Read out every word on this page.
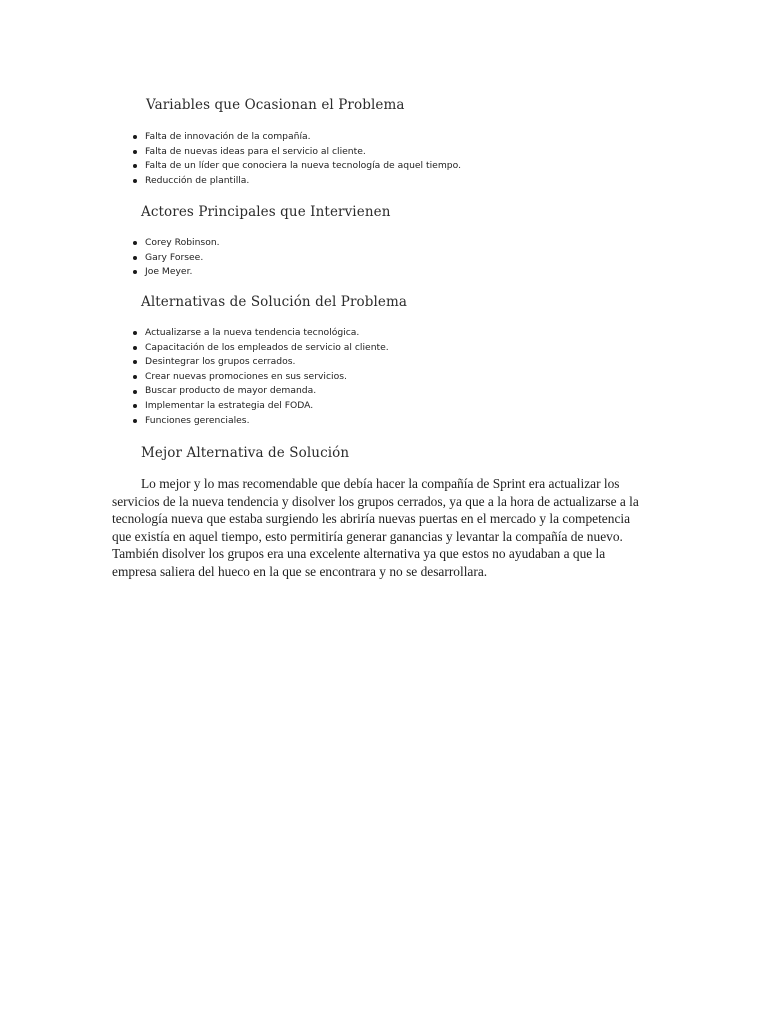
Variables que Ocasionan el Problema
Falta de innovación de la compañía.
Falta de nuevas ideas para el servicio al cliente.
Falta de un líder que conociera la nueva tecnología de aquel tiempo.
Reducción de plantilla.
Actores Principales que Intervienen
Corey Robinson.
Gary Forsee.
Joe Meyer.
Alternativas de Solución del Problema
Actualizarse a la nueva tendencia tecnológica.
Capacitación de los empleados de servicio al cliente.
Desintegrar los grupos cerrados.
Crear nuevas promociones en sus servicios.
Buscar producto de mayor demanda.
Implementar la estrategia del FODA.
Funciones gerenciales.
Mejor Alternativa de Solución

Lo mejor y lo mas recomendable que debía hacer la compañía de Sprint era actualizar los
servicios de la nueva tendencia y disolver los grupos cerrados, ya que a la hora de actualizarse a la
tecnología nueva que estaba surgiendo les abriría nuevas puertas en el mercado y la competencia
que existía en aquel tiempo, esto permitiría generar ganancias y levantar la compañía de nuevo.
También disolver los grupos era una excelente alternativa ya que estos no ayudaban a que la
empresa saliera del hueco en la que se encontrara y no se desarrollara.
